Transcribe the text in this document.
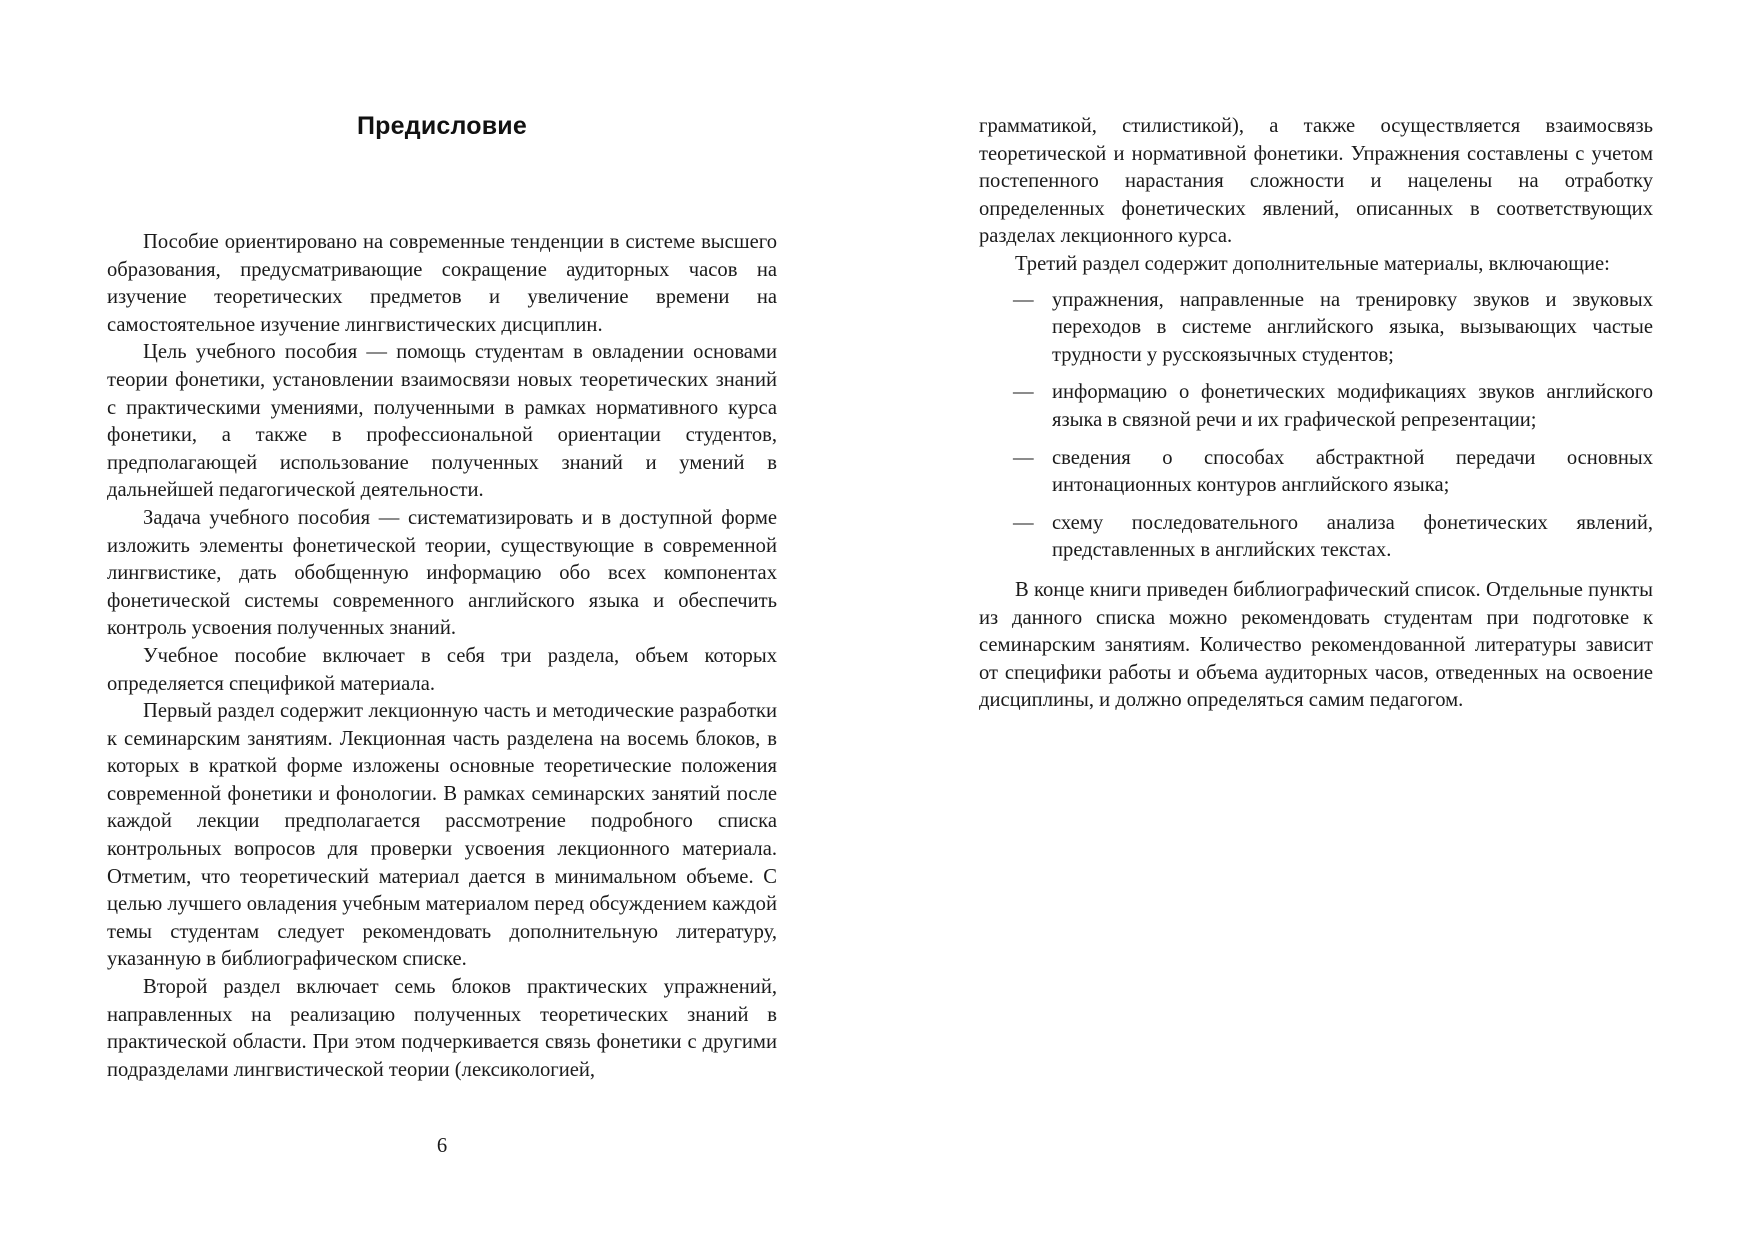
Предисловие

Пособие ориентировано на современные тенденции в системе высшего образования, предусматривающие сокращение аудиторных часов на изучение теоретических предметов и увеличение времени на самостоятельное изучение лингвистических дисциплин.

Цель учебного пособия — помощь студентам в овладении основами теории фонетики, установлении взаимосвязи новых теоретических знаний с практическими умениями, полученными в рамках нормативного курса фонетики, а также в профессиональной ориентации студентов, предполагающей использование полученных знаний и умений в дальнейшей педагогической деятельности.

Задача учебного пособия — систематизировать и в доступной форме изложить элементы фонетической теории, существующие в современной лингвистике, дать обобщенную информацию обо всех компонентах фонетической системы современного английского языка и обеспечить контроль усвоения полученных знаний.

Учебное пособие включает в себя три раздела, объем которых определяется спецификой материала.

Первый раздел содержит лекционную часть и методические разработки к семинарским занятиям. Лекционная часть разделена на восемь блоков, в которых в краткой форме изложены основные теоретические положения современной фонетики и фонологии. В рамках семинарских занятий после каждой лекции предполагается рассмотрение подробного списка контрольных вопросов для проверки усвоения лекционного материала. Отметим, что теоретический материал дается в минимальном объеме. С целью лучшего овладения учебным материалом перед обсуждением каждой темы студентам следует рекомендовать дополнительную литературу, указанную в библиографическом списке.

Второй раздел включает семь блоков практических упражнений, направленных на реализацию полученных теоретических знаний в практической области. При этом подчеркивается связь фонетики с другими подразделами лингвистической теории (лексикологией,

6

грамматикой, стилистикой), а также осуществляется взаимосвязь теоретической и нормативной фонетики. Упражнения составлены с учетом постепенного нарастания сложности и нацелены на отработку определенных фонетических явлений, описанных в соответствующих разделах лекционного курса.

Третий раздел содержит дополнительные материалы, включающие:

— упражнения, направленные на тренировку звуков и звуковых переходов в системе английского языка, вызывающих частые трудности у русскоязычных студентов;
— информацию о фонетических модификациях звуков английского языка в связной речи и их графической репрезентации;
— сведения о способах абстрактной передачи основных интонационных контуров английского языка;
— схему последовательного анализа фонетических явлений, представленных в английских текстах.

В конце книги приведен библиографический список. Отдельные пункты из данного списка можно рекомендовать студентам при подготовке к семинарским занятиям. Количество рекомендованной литературы зависит от специфики работы и объема аудиторных часов, отведенных на освоение дисциплины, и должно определяться самим педагогом.
